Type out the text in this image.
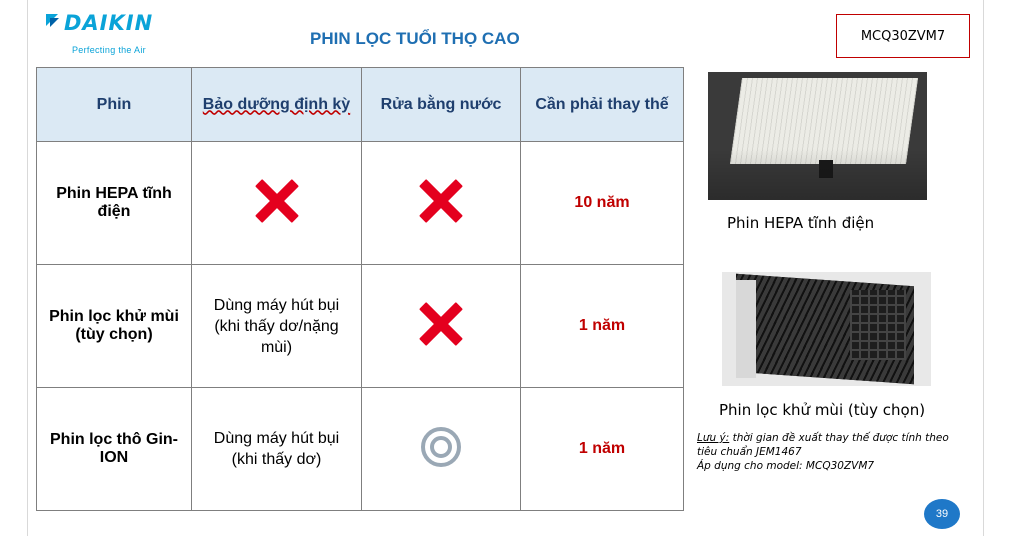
DAIKIN
Perfecting the Air
PHIN LỌC TUỔI THỌ CAO	MCQ30ZVM7
Phin	Bảo dưỡng định kỳ	Rửa bằng nước	Cần phải thay thế
Phin HEPA tĩnh điện			10 năm
Phin lọc khử mùi (tùy chọn)	Dùng máy hút bụi (khi thấy dơ/nặng mùi)		1 năm
Phin lọc thô Gin-ION	Dùng máy hút bụi (khi thấy dơ)		1 năm
Phin HEPA tĩnh điện
Phin lọc khử mùi (tùy chọn)
Lưu ý: thời gian đề xuất thay thế được tính theo tiêu chuẩn JEM1467
Áp dụng cho model: MCQ30ZVM7
39
